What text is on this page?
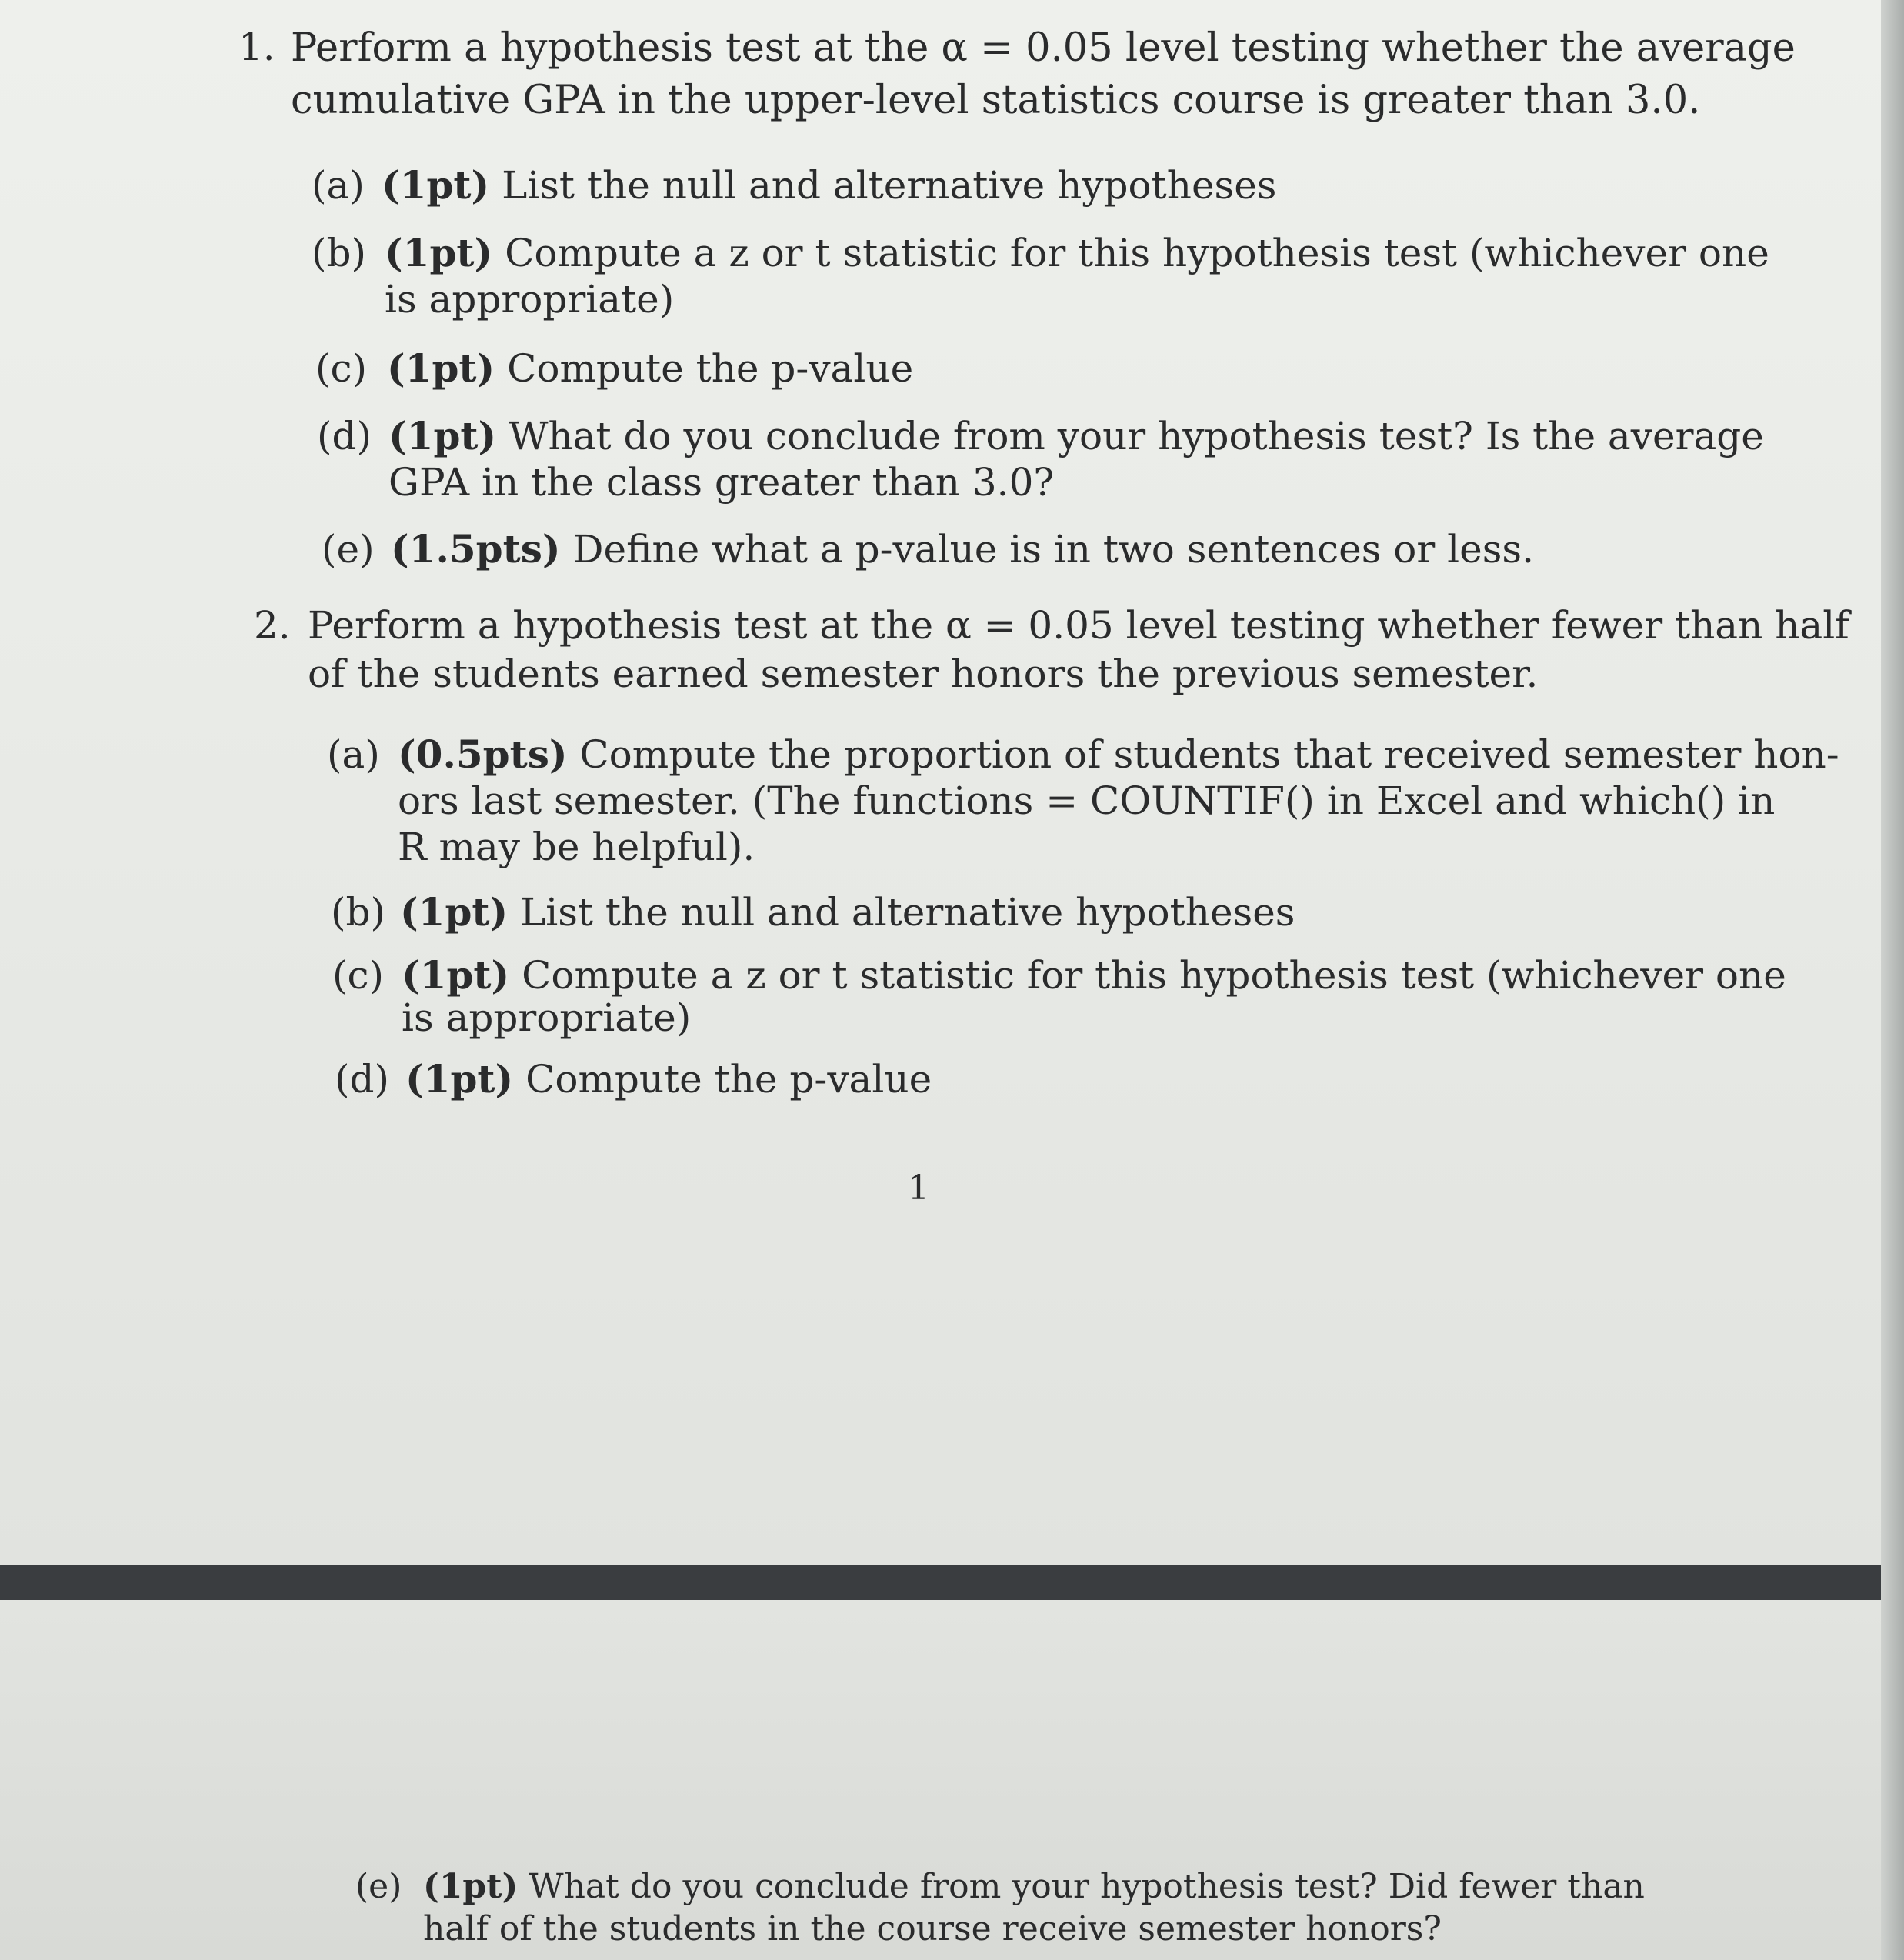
1. Perform a hypothesis test at the α = 0.05 level testing whether the average
cumulative GPA in the upper-level statistics course is greater than 3.0.
(a) (1pt) List the null and alternative hypotheses
(b) (1pt) Compute a z or t statistic for this hypothesis test (whichever one
is appropriate)
(c) (1pt) Compute the p-value
(d) (1pt) What do you conclude from your hypothesis test? Is the average
GPA in the class greater than 3.0?
(e) (1.5pts) Define what a p-value is in two sentences or less.
2. Perform a hypothesis test at the α = 0.05 level testing whether fewer than half
of the students earned semester honors the previous semester.
(a) (0.5pts) Compute the proportion of students that received semester hon-
ors last semester. (The functions = COUNTIF() in Excel and which() in
R may be helpful).
(b) (1pt) List the null and alternative hypotheses
(c) (1pt) Compute a z or t statistic for this hypothesis test (whichever one
is appropriate)
(d) (1pt) Compute the p-value
1
(e) (1pt) What do you conclude from your hypothesis test? Did fewer than
half of the students in the course receive semester honors?
